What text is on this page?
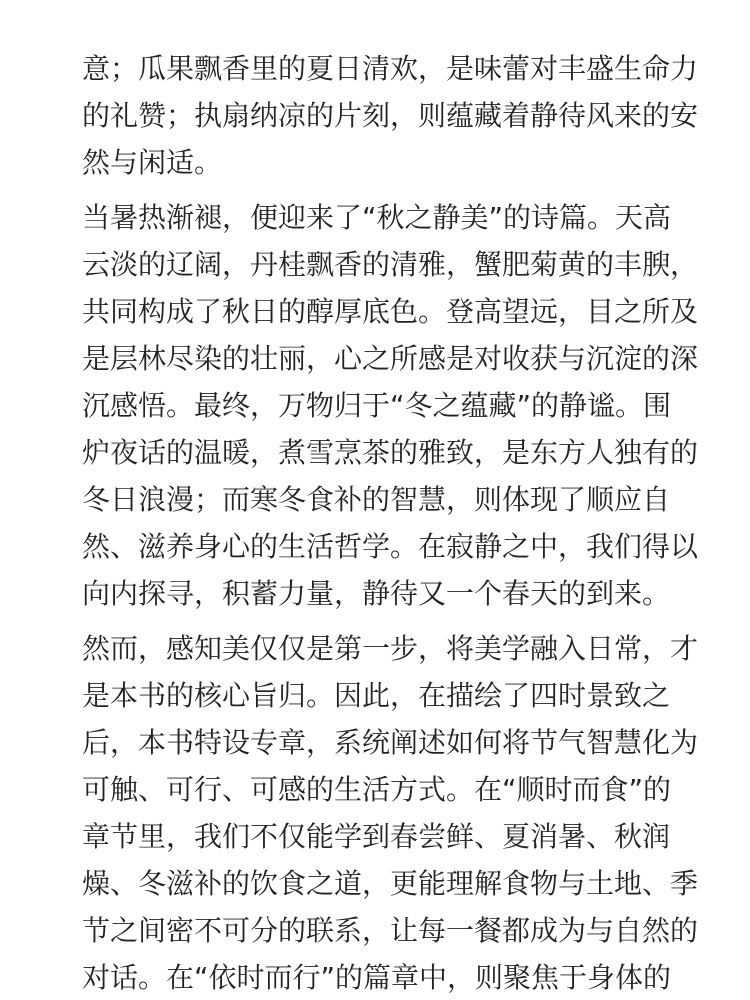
意；瓜果飘香里的夏日清欢，是味蕾对丰盛生命力
的礼赞；执扇纳凉的片刻，则蕴藏着静待风来的安
然与闲适。
当暑热渐褪，便迎来了“秋之静美”的诗篇。天高
云淡的辽阔，丹桂飘香的清雅，蟹肥菊黄的丰腴，
共同构成了秋日的醇厚底色。登高望远，目之所及
是层林尽染的壮丽，心之所感是对收获与沉淀的深
沉感悟。最终，万物归于“冬之蕴藏”的静谧。围
炉夜话的温暖，煮雪烹茶的雅致，是东方人独有的
冬日浪漫；而寒冬食补的智慧，则体现了顺应自
然、滋养身心的生活哲学。在寂静之中，我们得以
向内探寻，积蓄力量，静待又一个春天的到来。
然而，感知美仅仅是第一步，将美学融入日常，才
是本书的核心旨归。因此，在描绘了四时景致之
后，本书特设专章，系统阐述如何将节气智慧化为
可触、可行、可感的生活方式。在“顺时而食”的
章节里，我们不仅能学到春尝鲜、夏消暑、秋润
燥、冬滋补的饮食之道，更能理解食物与土地、季
节之间密不可分的联系，让每一餐都成为与自然的
对话。在“依时而行”的篇章中，则聚焦于身体的
